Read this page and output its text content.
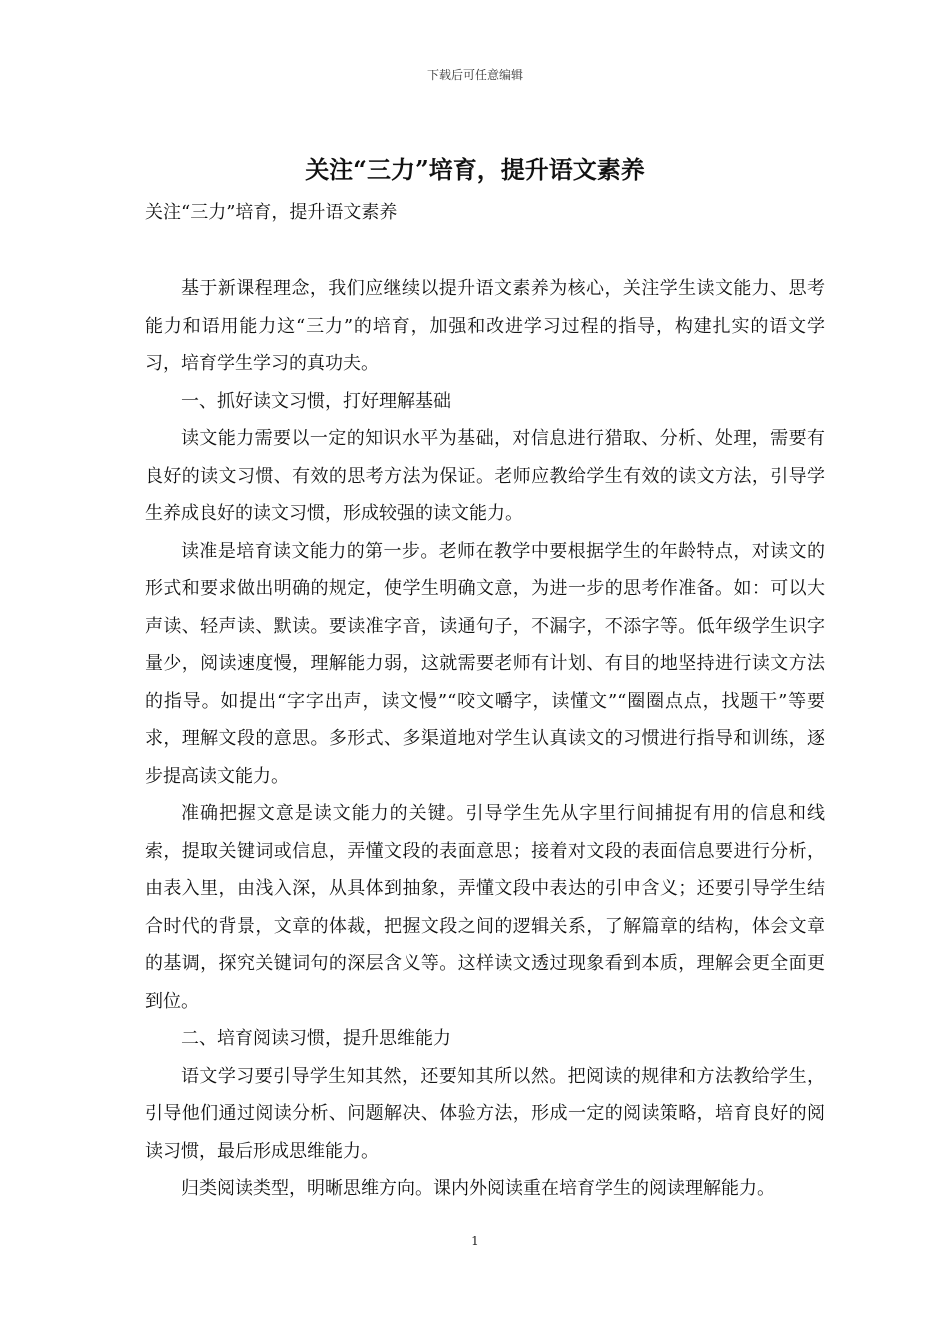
下载后可任意编辑
关注“三力”培育，提升语文素养

关注“三力”培育，提升语文素养

基于新课程理念，我们应继续以提升语文素养为核心，关注学生读文能力、思考能力和语用能力这“三力”的培育，加强和改进学习过程的指导，构建扎实的语文学习，培育学生学习的真功夫。

一、抓好读文习惯，打好理解基础

读文能力需要以一定的知识水平为基础，对信息进行猎取、分析、处理，需要有良好的读文习惯、有效的思考方法为保证。老师应教给学生有效的读文方法，引导学生养成良好的读文习惯，形成较强的读文能力。

读准是培育读文能力的第一步。老师在教学中要根据学生的年龄特点，对读文的形式和要求做出明确的规定，使学生明确文意，为进一步的思考作准备。如：可以大声读、轻声读、默读。要读准字音，读通句子，不漏字，不添字等。低年级学生识字量少，阅读速度慢，理解能力弱，这就需要老师有计划、有目的地坚持进行读文方法的指导。如提出“字字出声，读文慢”“咬文嚼字，读懂文”“圈圈点点，找题干”等要求，理解文段的意思。多形式、多渠道地对学生认真读文的习惯进行指导和训练，逐步提高读文能力。

准确把握文意是读文能力的关键。引导学生先从字里行间捕捉有用的信息和线索，提取关键词或信息，弄懂文段的表面意思；接着对文段的表面信息要进行分析，由表入里，由浅入深，从具体到抽象，弄懂文段中表达的引申含义；还要引导学生结合时代的背景，文章的体裁，把握文段之间的逻辑关系，了解篇章的结构，体会文章的基调，探究关键词句的深层含义等。这样读文透过现象看到本质，理解会更全面更到位。

二、培育阅读习惯，提升思维能力

语文学习要引导学生知其然，还要知其所以然。把阅读的规律和方法教给学生，引导他们通过阅读分析、问题解决、体验方法，形成一定的阅读策略，培育良好的阅读习惯，最后形成思维能力。

归类阅读类型，明晰思维方向。课内外阅读重在培育学生的阅读理解能力。

1
